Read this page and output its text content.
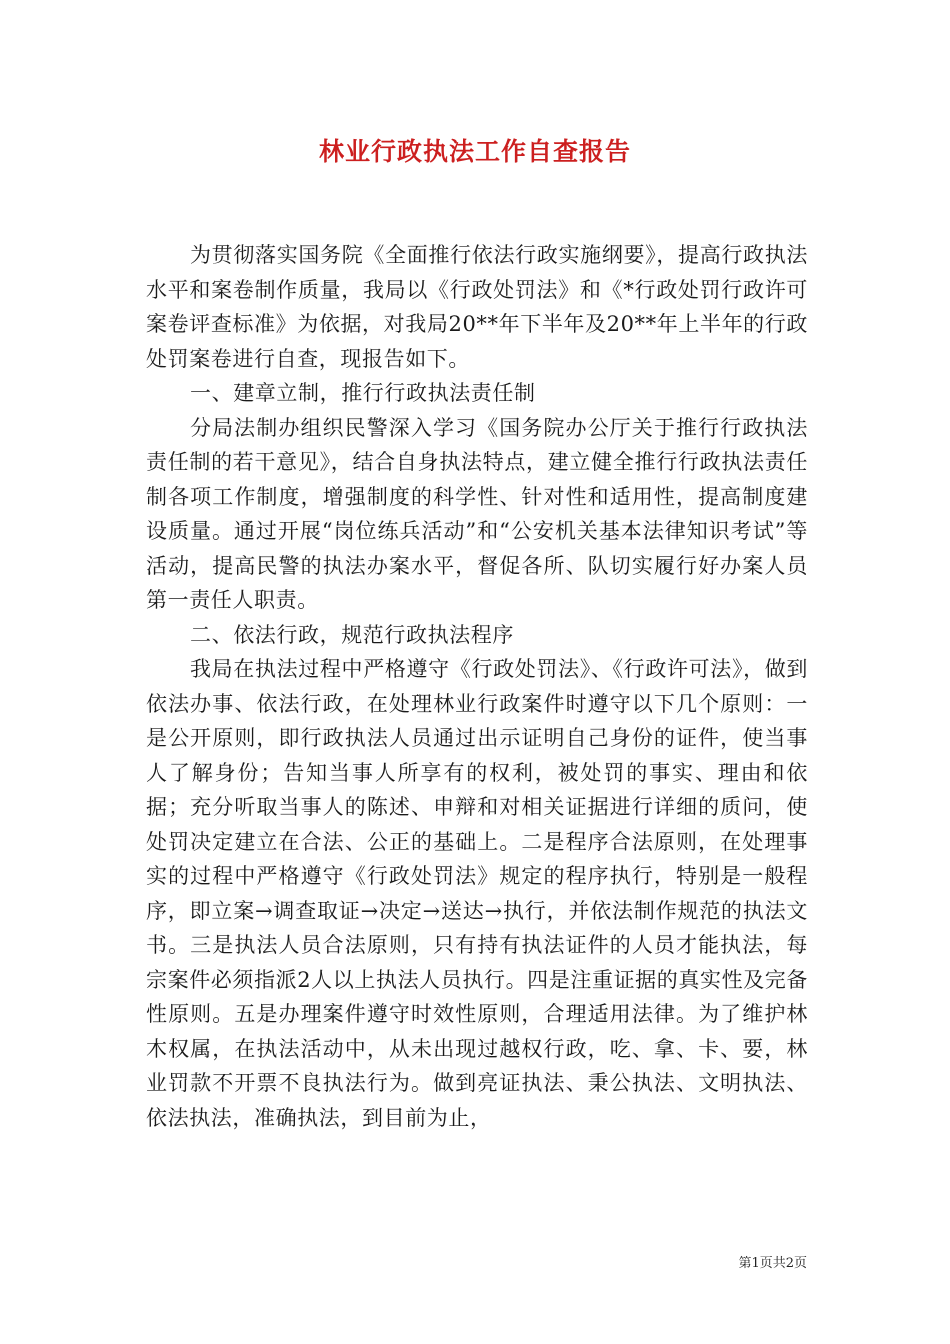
林业行政执法工作自查报告

为贯彻落实国务院《全面推行依法行政实施纲要》，提高行政执法水平和案卷制作质量，我局以《行政处罚法》和《*行政处罚行政许可案卷评查标准》为依据，对我局20**年下半年及20**年上半年的行政处罚案卷进行自查，现报告如下。

一、建章立制，推行行政执法责任制

分局法制办组织民警深入学习《国务院办公厅关于推行行政执法责任制的若干意见》，结合自身执法特点，建立健全推行行政执法责任制各项工作制度，增强制度的科学性、针对性和适用性，提高制度建设质量。通过开展“岗位练兵活动”和“公安机关基本法律知识考试”等活动，提高民警的执法办案水平，督促各所、队切实履行好办案人员第一责任人职责。

二、依法行政，规范行政执法程序

我局在执法过程中严格遵守《行政处罚法》、《行政许可法》，做到依法办事、依法行政，在处理林业行政案件时遵守以下几个原则：一是公开原则，即行政执法人员通过出示证明自己身份的证件，使当事人了解身份；告知当事人所享有的权利，被处罚的事实、理由和依据；充分听取当事人的陈述、申辩和对相关证据进行详细的质问，使处罚决定建立在合法、公正的基础上。二是程序合法原则，在处理事实的过程中严格遵守《行政处罚法》规定的程序执行，特别是一般程序，即立案→调查取证→决定→送达→执行，并依法制作规范的执法文书。三是执法人员合法原则，只有持有执法证件的人员才能执法，每宗案件必须指派2人以上执法人员执行。四是注重证据的真实性及完备性原则。五是办理案件遵守时效性原则，合理适用法律。为了维护林木权属，在执法活动中，从未出现过越权行政，吃、拿、卡、要，林业罚款不开票不良执法行为。做到亮证执法、秉公执法、文明执法、依法执法，准确执法，到目前为止，

第1页共2页
